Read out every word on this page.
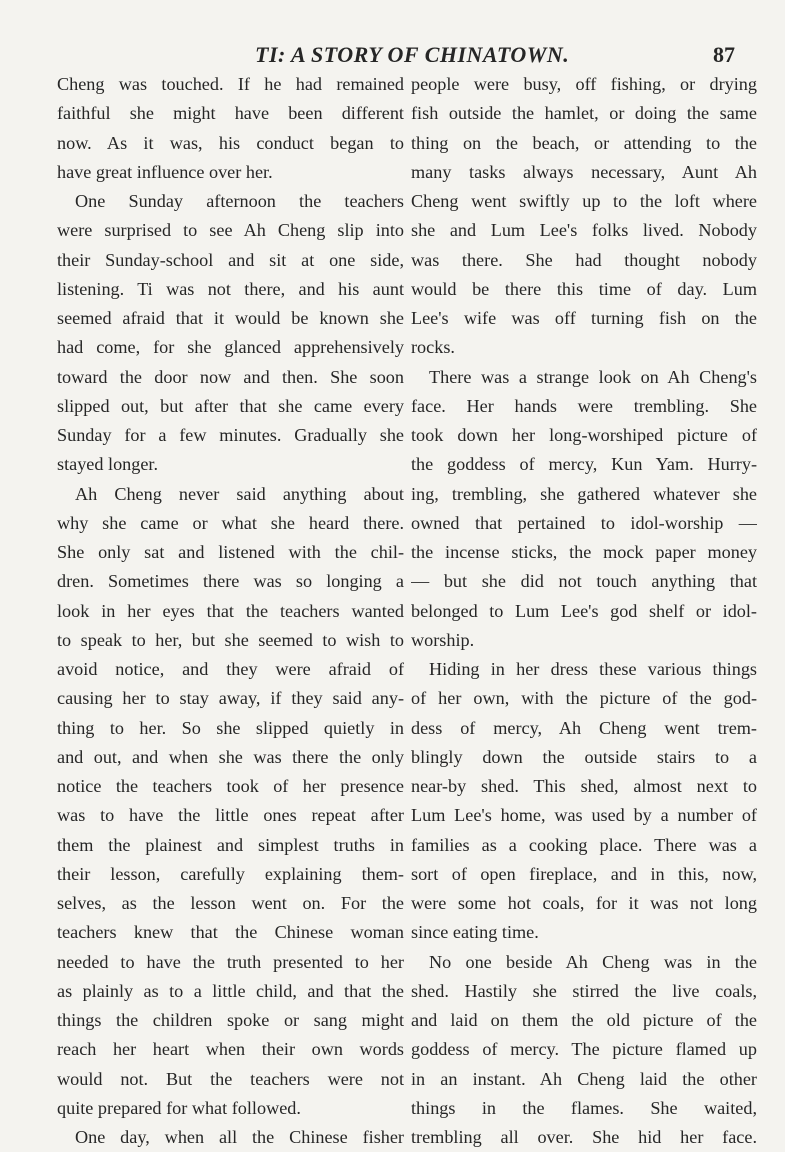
TI: A STORY OF CHINATOWN.	87
Cheng was touched. If he had remained
faithful she might have been different
now. As it was, his conduct began to
have great influence over her.
One Sunday afternoon the teachers
were surprised to see Ah Cheng slip into
their Sunday-school and sit at one side,
listening. Ti was not there, and his aunt
seemed afraid that it would be known she
had come, for she glanced apprehensively
toward the door now and then. She soon
slipped out, but after that she came every
Sunday for a few minutes. Gradually she
stayed longer.
Ah Cheng never said anything about
why she came or what she heard there.
She only sat and listened with the chil-
dren. Sometimes there was so longing a
look in her eyes that the teachers wanted
to speak to her, but she seemed to wish to
avoid notice, and they were afraid of
causing her to stay away, if they said any-
thing to her. So she slipped quietly in
and out, and when she was there the only
notice the teachers took of her presence
was to have the little ones repeat after
them the plainest and simplest truths in
their lesson, carefully explaining them-
selves, as the lesson went on. For the
teachers knew that the Chinese woman
needed to have the truth presented to her
as plainly as to a little child, and that the
things the children spoke or sang might
reach her heart when their own words
would not. But the teachers were not
quite prepared for what followed.
One day, when all the Chinese fisher
people were busy, off fishing, or drying
fish outside the hamlet, or doing the same
thing on the beach, or attending to the
many tasks always necessary, Aunt Ah
Cheng went swiftly up to the loft where
she and Lum Lee's folks lived. Nobody
was there. She had thought nobody
would be there this time of day. Lum
Lee's wife was off turning fish on the
rocks.
There was a strange look on Ah Cheng's
face. Her hands were trembling. She
took down her long-worshiped picture of
the goddess of mercy, Kun Yam. Hurry-
ing, trembling, she gathered whatever she
owned that pertained to idol-worship —
the incense sticks, the mock paper money
— but she did not touch anything that
belonged to Lum Lee's god shelf or idol-
worship.
Hiding in her dress these various things
of her own, with the picture of the god-
dess of mercy, Ah Cheng went trem-
blingly down the outside stairs to a
near-by shed. This shed, almost next to
Lum Lee's home, was used by a number of
families as a cooking place. There was a
sort of open fireplace, and in this, now,
were some hot coals, for it was not long
since eating time.
No one beside Ah Cheng was in the
shed. Hastily she stirred the live coals,
and laid on them the old picture of the
goddess of mercy. The picture flamed up
in an instant. Ah Cheng laid the other
things in the flames. She waited,
trembling all over. She hid her face.
